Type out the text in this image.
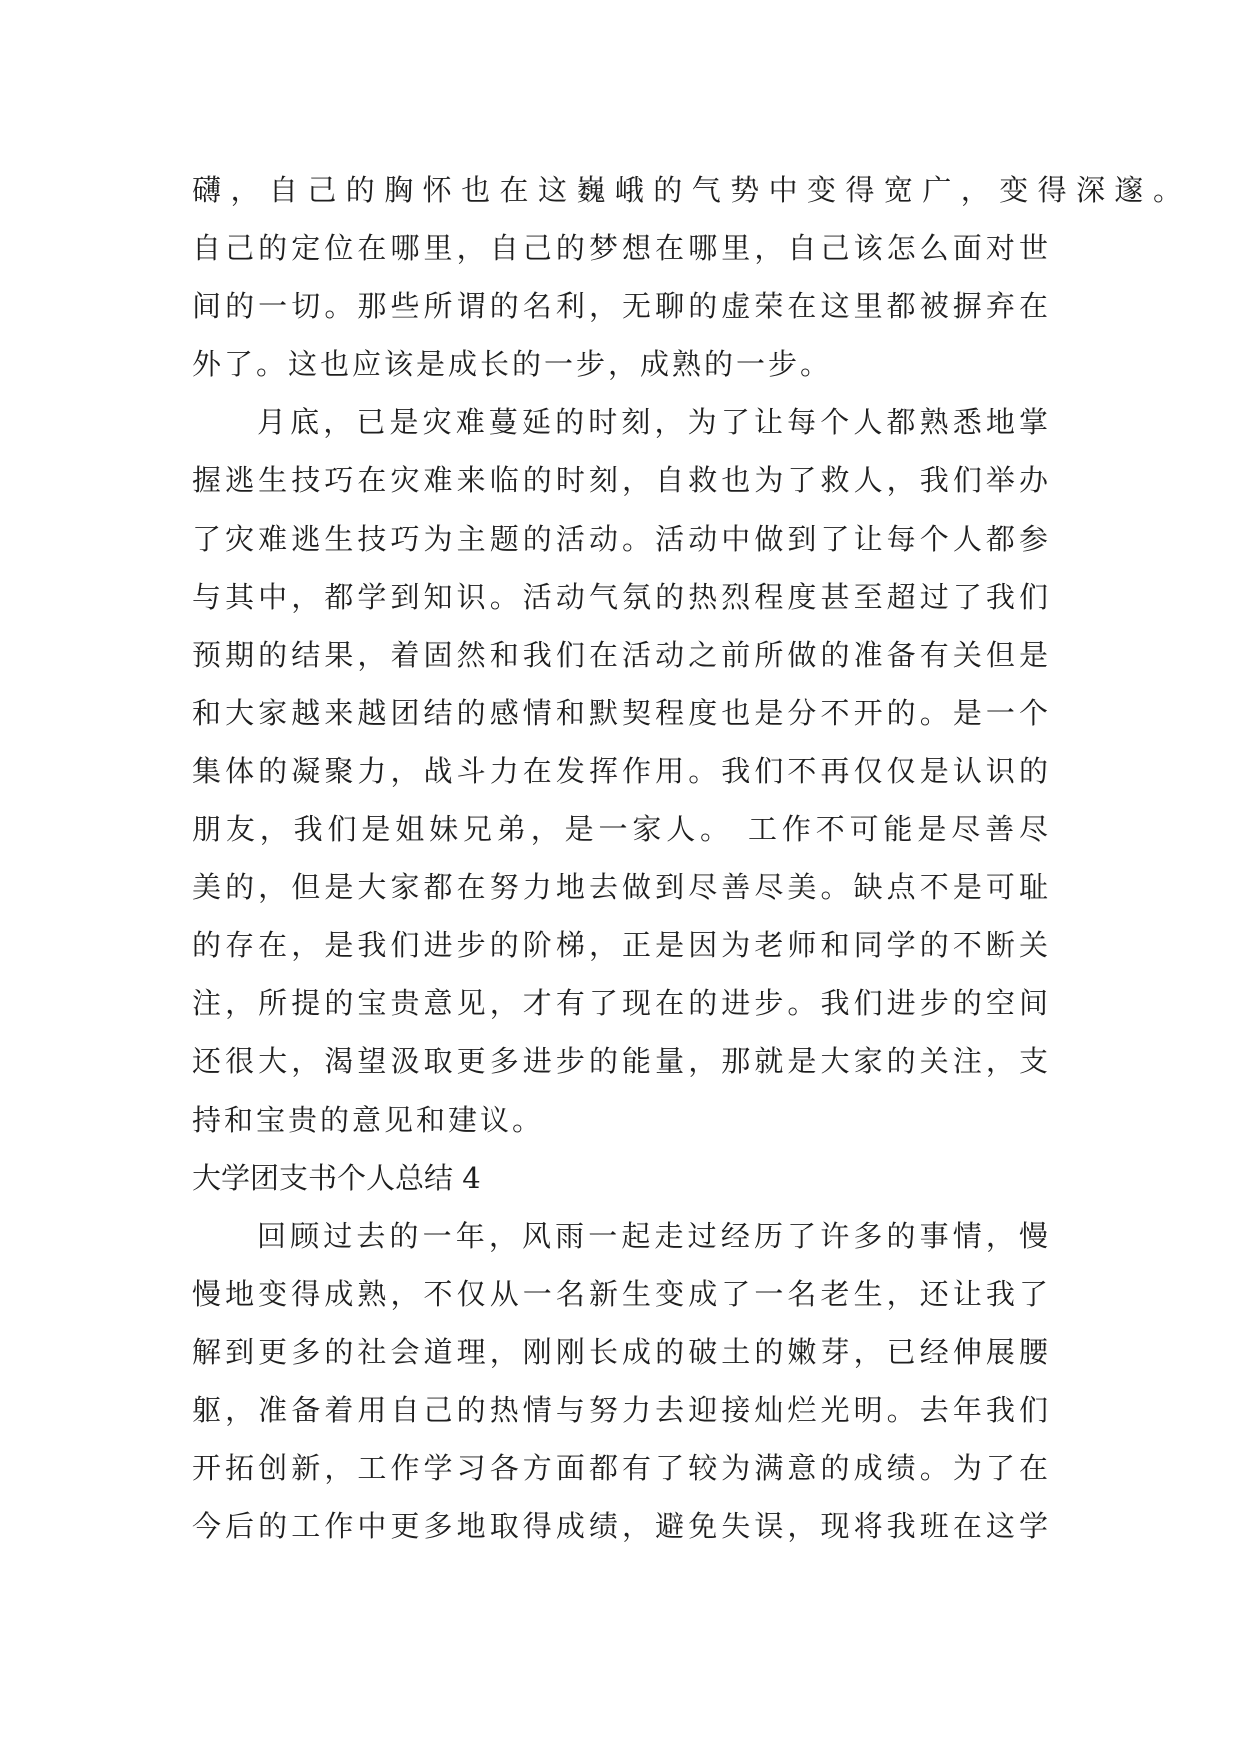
礴，自己的胸怀也在这巍峨的气势中变得宽广，变得深邃。
自己的定位在哪里，自己的梦想在哪里，自己该怎么面对世
间的一切。那些所谓的名利，无聊的虚荣在这里都被摒弃在
外了。这也应该是成长的一步，成熟的一步。
月底，已是灾难蔓延的时刻，为了让每个人都熟悉地掌
握逃生技巧在灾难来临的时刻，自救也为了救人，我们举办
了灾难逃生技巧为主题的活动。活动中做到了让每个人都参
与其中，都学到知识。活动气氛的热烈程度甚至超过了我们
预期的结果，着固然和我们在活动之前所做的准备有关但是
和大家越来越团结的感情和默契程度也是分不开的。是一个
集体的凝聚力，战斗力在发挥作用。我们不再仅仅是认识的
朋友，我们是姐妹兄弟，是一家人。 工作不可能是尽善尽
美的，但是大家都在努力地去做到尽善尽美。缺点不是可耻
的存在，是我们进步的阶梯，正是因为老师和同学的不断关
注，所提的宝贵意见，才有了现在的进步。我们进步的空间
还很大，渴望汲取更多进步的能量，那就是大家的关注，支
持和宝贵的意见和建议。
大学团支书个人总结 4
回顾过去的一年，风雨一起走过经历了许多的事情，慢
慢地变得成熟，不仅从一名新生变成了一名老生，还让我了
解到更多的社会道理，刚刚长成的破土的嫩芽，已经伸展腰
躯，准备着用自己的热情与努力去迎接灿烂光明。去年我们
开拓创新，工作学习各方面都有了较为满意的成绩。为了在
今后的工作中更多地取得成绩，避免失误，现将我班在这学
